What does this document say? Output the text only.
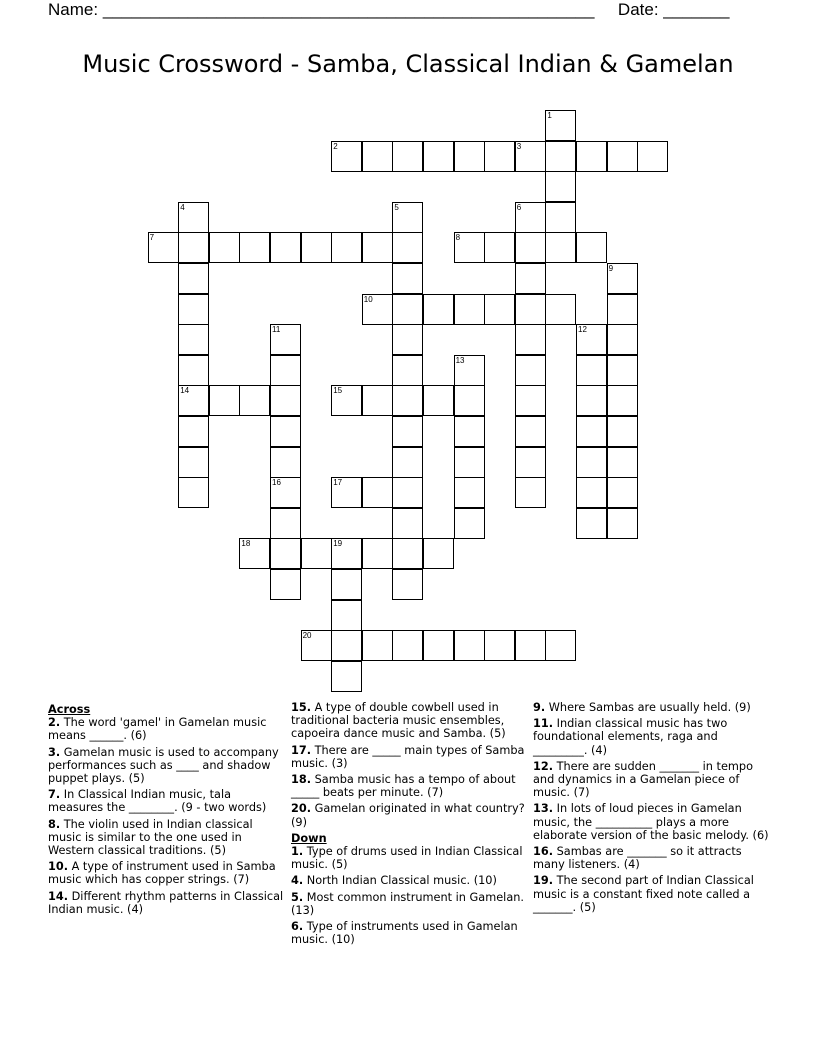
Name: ____________________________________________________ Date: _______
Music Crossword - Samba, Classical Indian & Gamelan
1
2	3
4
14
5	6
7	8
9
10
11	12
13
15
16	17
18	19
20
Across
2. The word 'gamel' in Gamelan music means ______. (6)
3. Gamelan music is used to accompany performances such as ____ and shadow puppet plays. (5)
7. In Classical Indian music, tala measures the ________. (9 - two words)
8. The violin used in Indian classical music is similar to the one used in Western classical traditions. (5)
10. A type of instrument used in Samba music which has copper strings. (7)
14. Different rhythm patterns in Classical Indian music. (4)
15. A type of double cowbell used in traditional bacteria music ensembles, capoeira dance music and Samba. (5)
17. There are _____ main types of Samba music. (3)
18. Samba music has a tempo of about _____ beats per minute. (7)
20. Gamelan originated in what country? (9)
Down
1. Type of drums used in Indian Classical music. (5)
4. North Indian Classical music. (10)
5. Most common instrument in Gamelan. (13)
6. Type of instruments used in Gamelan music. (10)
9. Where Sambas are usually held. (9)
11. Indian classical music has two foundational elements, raga and _________. (4)
12. There are sudden _______ in tempo and dynamics in a Gamelan piece of music. (7)
13. In lots of loud pieces in Gamelan music, the __________ plays a more elaborate version of the basic melody. (6)
16. Sambas are _______ so it attracts many listeners. (4)
19. The second part of Indian Classical music is a constant fixed note called a _______. (5)
